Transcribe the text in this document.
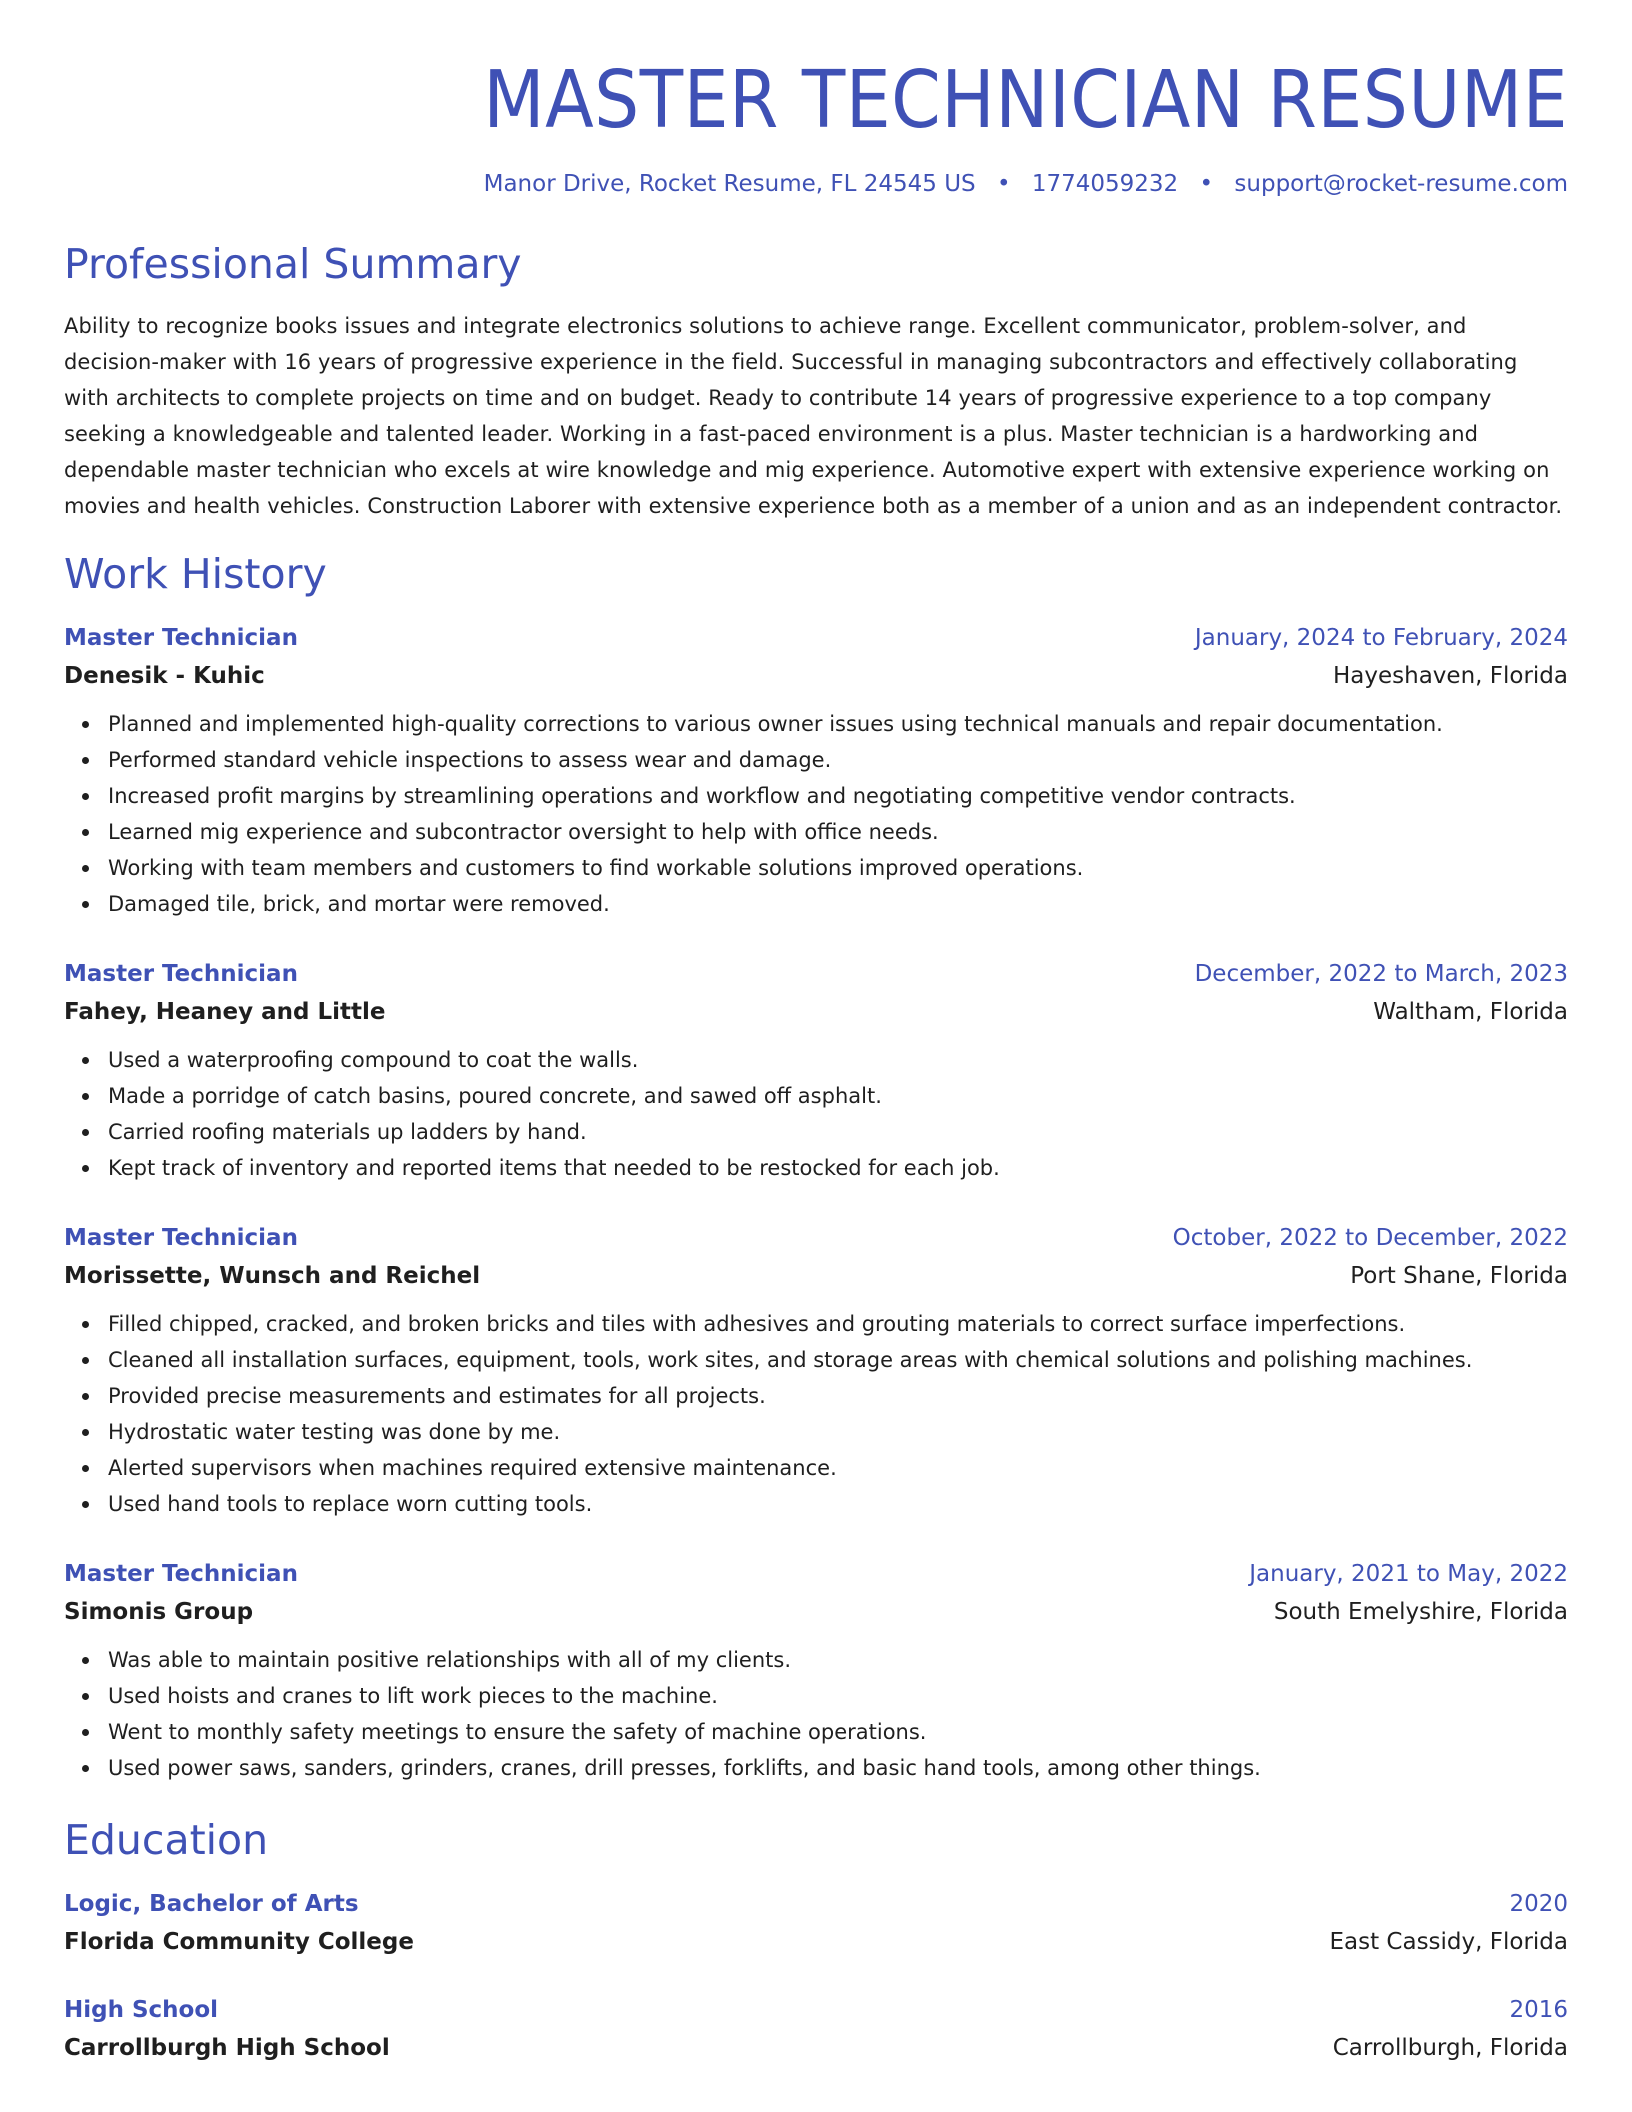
MASTER TECHNICIAN RESUME
Manor Drive, Rocket Resume, FL 24545 US • 1774059232 • support@rocket-resume.com
Professional Summary
Ability to recognize books issues and integrate electronics solutions to achieve range. Excellent communicator, problem-solver, and decision-maker with 16 years of progressive experience in the field. Successful in managing subcontractors and effectively collaborating with architects to complete projects on time and on budget. Ready to contribute 14 years of progressive experience to a top company seeking a knowledgeable and talented leader. Working in a fast-paced environment is a plus. Master technician is a hardworking and dependable master technician who excels at wire knowledge and mig experience. Automotive expert with extensive experience working on movies and health vehicles. Construction Laborer with extensive experience both as a member of a union and as an independent contractor.
Work History
Master Technician	January, 2024 to February, 2024
Denesik - Kuhic	Hayeshaven, Florida
Planned and implemented high-quality corrections to various owner issues using technical manuals and repair documentation.
Performed standard vehicle inspections to assess wear and damage.
Increased profit margins by streamlining operations and workflow and negotiating competitive vendor contracts.
Learned mig experience and subcontractor oversight to help with office needs.
Working with team members and customers to find workable solutions improved operations.
Damaged tile, brick, and mortar were removed.
Master Technician	December, 2022 to March, 2023
Fahey, Heaney and Little	Waltham, Florida
Used a waterproofing compound to coat the walls.
Made a porridge of catch basins, poured concrete, and sawed off asphalt.
Carried roofing materials up ladders by hand.
Kept track of inventory and reported items that needed to be restocked for each job.
Master Technician	October, 2022 to December, 2022
Morissette, Wunsch and Reichel	Port Shane, Florida
Filled chipped, cracked, and broken bricks and tiles with adhesives and grouting materials to correct surface imperfections.
Cleaned all installation surfaces, equipment, tools, work sites, and storage areas with chemical solutions and polishing machines.
Provided precise measurements and estimates for all projects.
Hydrostatic water testing was done by me.
Alerted supervisors when machines required extensive maintenance.
Used hand tools to replace worn cutting tools.
Master Technician	January, 2021 to May, 2022
Simonis Group	South Emelyshire, Florida
Was able to maintain positive relationships with all of my clients.
Used hoists and cranes to lift work pieces to the machine.
Went to monthly safety meetings to ensure the safety of machine operations.
Used power saws, sanders, grinders, cranes, drill presses, forklifts, and basic hand tools, among other things.
Education
Logic, Bachelor of Arts	2020
Florida Community College	East Cassidy, Florida
High School	2016
Carrollburgh High School	Carrollburgh, Florida
